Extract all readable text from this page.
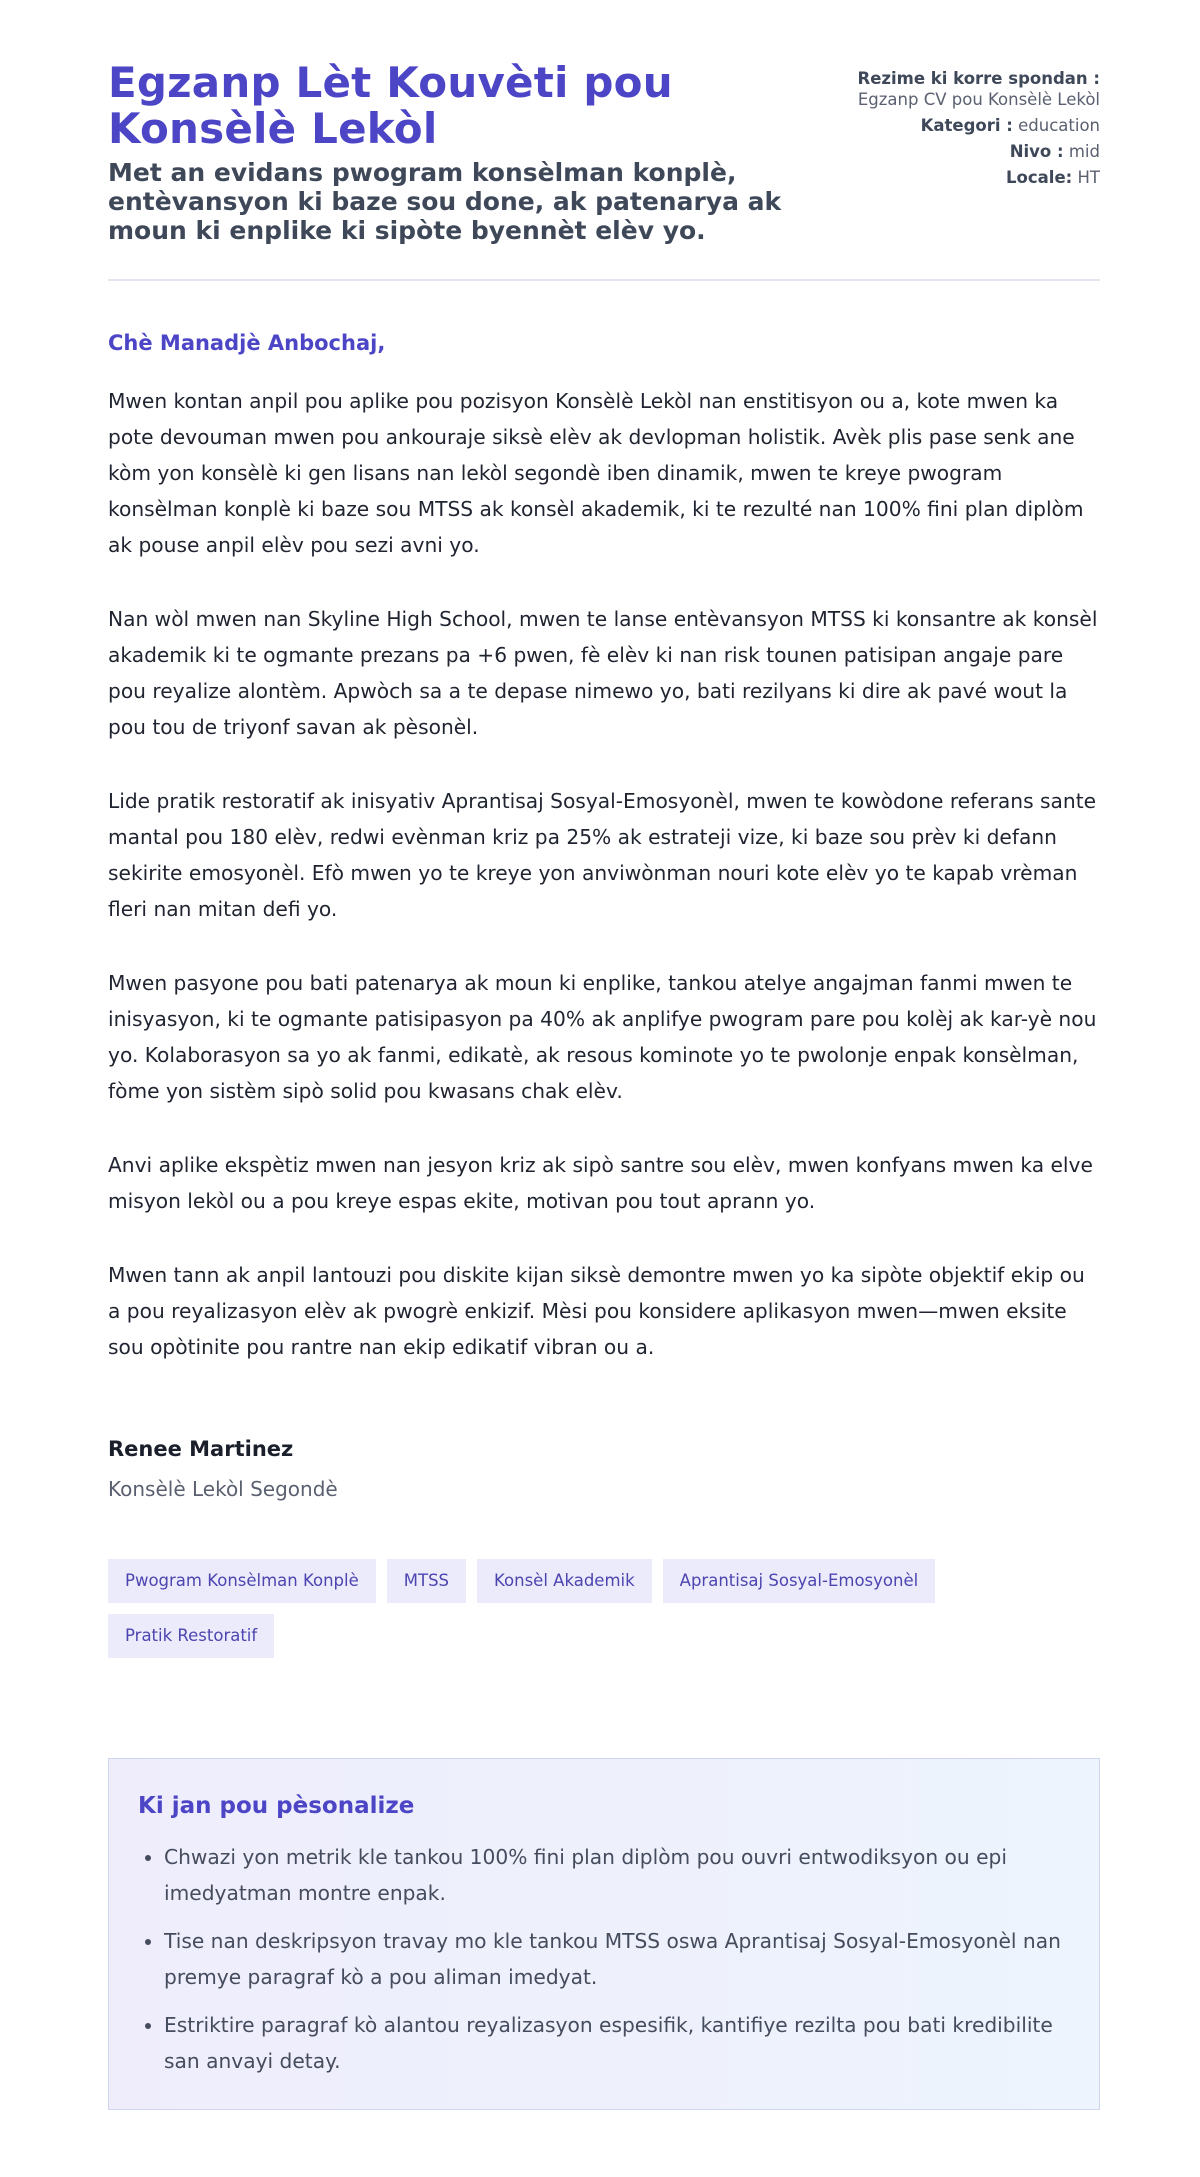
Egzanp Lèt Kouvèti pou Konsèlè Lekòl
Met an evidans pwogram konsèlman konplè, entèvansyon ki baze sou done, ak patenarya ak moun ki enplike ki sipòte byennèt elèv yo.
Rezime ki korre spondan : Egzanp CV pou Konsèlè Lekòl
Kategori : education
Nivo : mid
Locale: HT

Chè Manadjè Anbochaj,

Mwen kontan anpil pou aplike pou pozisyon Konsèlè Lekòl nan enstitisyon ou a, kote mwen ka pote devouman mwen pou ankouraje siksè elèv ak devlopman holistik. Avèk plis pase senk ane kòm yon konsèlè ki gen lisans nan lekòl segondè iben dinamik, mwen te kreye pwogram konsèlman konplè ki baze sou MTSS ak konsèl akademik, ki te rezulté nan 100% fini plan diplòm ak pouse anpil elèv pou sezi avni yo.

Nan wòl mwen nan Skyline High School, mwen te lanse entèvansyon MTSS ki konsantre ak konsèl akademik ki te ogmante prezans pa +6 pwen, fè elèv ki nan risk tounen patisipan angaje pare pou reyalize alontèm. Apwòch sa a te depase nimewo yo, bati rezilyans ki dire ak pavé wout la pou tou de triyonf savan ak pèsonèl.

Lide pratik restoratif ak inisyativ Aprantisaj Sosyal-Emosyonèl, mwen te kowòdone referans sante mantal pou 180 elèv, redwi evènman kriz pa 25% ak estrateji vize, ki baze sou prèv ki defann sekirite emosyonèl. Efò mwen yo te kreye yon anviwònman nouri kote elèv yo te kapab vrèman fleri nan mitan defi yo.

Mwen pasyone pou bati patenarya ak moun ki enplike, tankou atelye angajman fanmi mwen te inisyasyon, ki te ogmante patisipasyon pa 40% ak anplifye pwogram pare pou kolèj ak kar-yè nou yo. Kolaborasyon sa yo ak fanmi, edikatè, ak resous kominote yo te pwolonje enpak konsèlman, fòme yon sistèm sipò solid pou kwasans chak elèv.

Anvi aplike ekspètiz mwen nan jesyon kriz ak sipò santre sou elèv, mwen konfyans mwen ka elve misyon lekòl ou a pou kreye espas ekite, motivan pou tout aprann yo.

Mwen tann ak anpil lantouzi pou diskite kijan siksè demontre mwen yo ka sipòte objektif ekip ou a pou reyalizasyon elèv ak pwogrè enkizif. Mèsi pou konsidere aplikasyon mwen—mwen eksite sou opòtinite pou rantre nan ekip edikatif vibran ou a.

Renee Martinez
Konsèlè Lekòl Segondè
Pwogram Konsèlman Konplè	MTSS	Konsèl Akademik	Aprantisaj Sosyal-Emosyonèl
Pratik Restoratif
Ki jan pou pèsonalize
• Chwazi yon metrik kle tankou 100% fini plan diplòm pou ouvri entwodiksyon ou epi imedyatman montre enpak.
• Tise nan deskripsyon travay mo kle tankou MTSS oswa Aprantisaj Sosyal-Emosyonèl nan premye paragraf kò a pou aliman imedyat.
• Estriktire paragraf kò alantou reyalizasyon espesifik, kantifiye rezilta pou bati kredibilite san anvayi detay.
